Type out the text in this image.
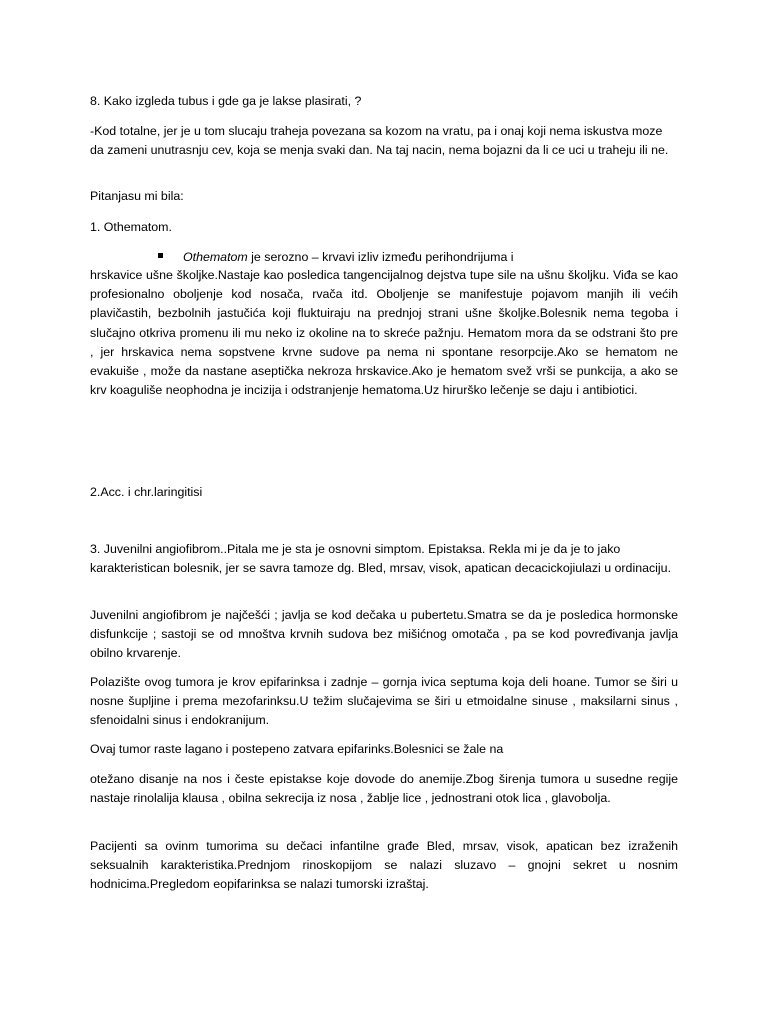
8. Kako izgleda tubus i gde ga je lakse plasirati, ?

-Kod totalne, jer je u tom slucaju traheja povezana sa kozom na vratu, pa i onaj koji nema iskustva moze da zameni unutrasnju cev, koja se menja svaki dan. Na taj nacin, nema bojazni da li ce uci u traheju ili ne.

Pitanjasu mi bila:

1. Othematom.

Othematom je serozno – krvavi izliv između perihondrijuma i

hrskavice ušne školjke.Nastaje kao posledica tangencijalnog dejstva tupe sile na ušnu školjku. Viđa se kao profesionalno oboljenje kod nosača, rvača itd. Oboljenje se manifestuje pojavom manjih ili većih plavičastih, bezbolnih jastučića koji fluktuiraju na prednjoj strani ušne školjke.Bolesnik nema tegoba i slučajno otkriva promenu ili mu neko iz okoline na to skreće pažnju. Hematom mora da se odstrani što pre , jer hrskavica nema sopstvene krvne sudove pa nema ni spontane resorpcije.Ako se hematom ne evakuiše , može da nastane aseptička nekroza hrskavice.Ako je hematom svež vrši se punkcija, a ako se krv koaguliše neophodna je incizija i odstranjenje hematoma.Uz hirurško lečenje se daju i antibiotici.

2.Acc. i chr.laringitisi

3. Juvenilni angiofibrom..Pitala me je sta je osnovni simptom. Epistaksa. Rekla mi je da je to jako karakteristican bolesnik, jer se savra tamoze dg. Bled, mrsav, visok, apatican decacickojiulazi u ordinaciju.

Juvenilni angiofibrom je najčešći ; javlja se kod dečaka u pubertetu.Smatra se da je posledica hormonske disfunkcije ; sastoji se od mnoštva krvnih sudova bez mišićnog omotača , pa se kod povređivanja javlja obilno krvarenje.

Polazište ovog tumora je krov epifarinksa i zadnje – gornja ivica septuma koja deli hoane. Tumor se širi u nosne šupljine i prema mezofarinksu.U težim slučajevima se širi u etmoidalne sinuse , maksilarni sinus , sfenoidalni sinus i endokranijum.

Ovaj tumor raste lagano i postepeno zatvara epifarinks.Bolesnici se žale na

otežano disanje na nos i česte epistakse koje dovode do anemije.Zbog širenja tumora u susedne regije nastaje rinolalija klausa , obilna sekrecija iz nosa , žablje lice , jednostrani otok lica , glavobolja.

Pacijenti sa ovinm tumorima su dečaci infantilne građe Bled, mrsav, visok, apatican bez izraženih seksualnih karakteristika.Prednjom rinoskopijom se nalazi sluzavo – gnojni sekret u nosnim hodnicima.Pregledom eopifarinksa se nalazi tumorski izraštaj.
